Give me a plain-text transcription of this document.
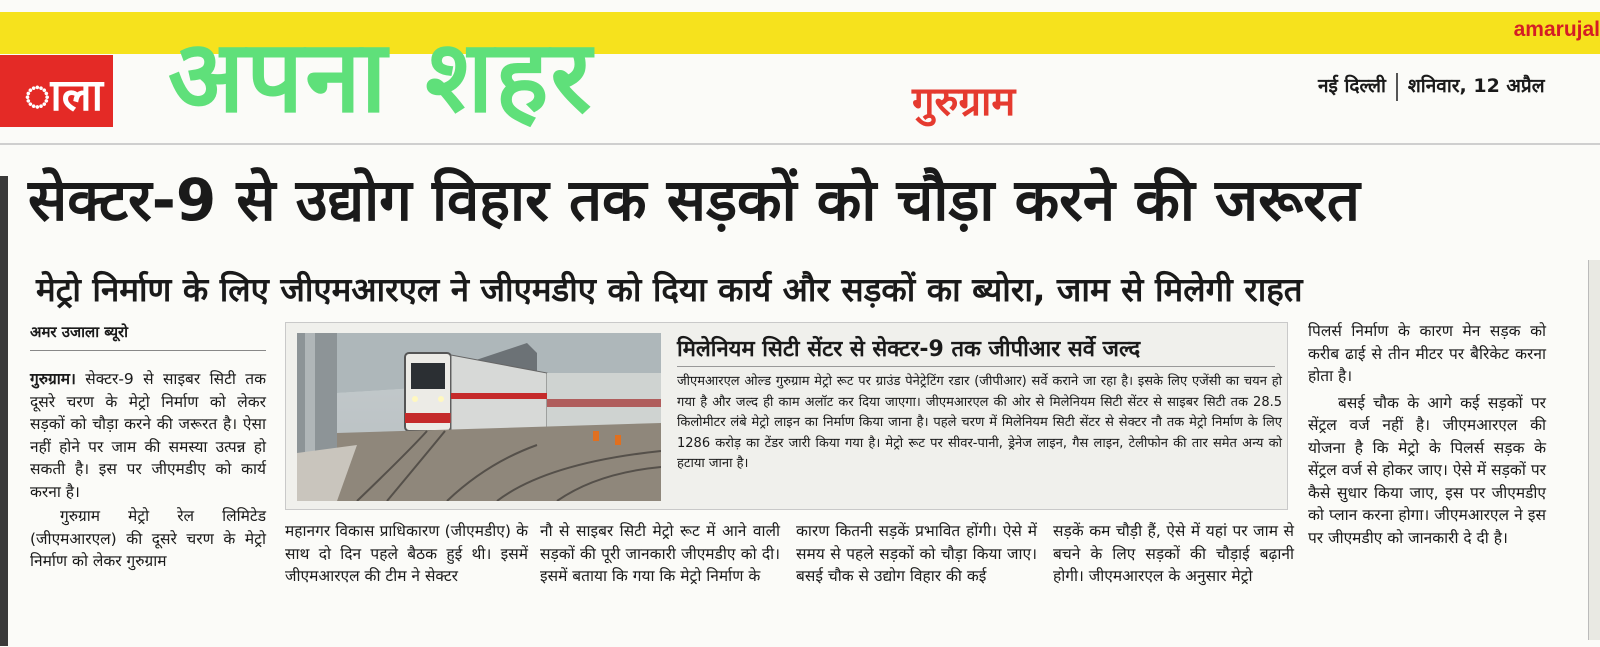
amarujal
ाला अपना शहर	गुरुग्राम	नई दिल्ली शनिवार, 12 अप्रैल
सेक्टर-9 से उद्योग विहार तक सड़कों को चौड़ा करने की जरूरत
मेट्रो निर्माण के लिए जीएमआरएल ने जीएमडीए को दिया कार्य और सड़कों का ब्योरा, जाम से मिलेगी राहत
अमर उजाला ब्यूरो

गुरुग्राम। सेक्टर-9 से साइबर सिटी तक दूसरे चरण के मेट्रो निर्माण को लेकर सड़कों को चौड़ा करने की जरूरत है। ऐसा नहीं होने पर जाम की समस्या उत्पन्न हो सकती है। इस पर जीएमडीए को कार्य करना है।

गुरुग्राम मेट्रो रेल लिमिटेड (जीएमआरएल) की दूसरे चरण के मेट्रो निर्माण को लेकर गुरुग्राम

मिलेनियम सिटी सेंटर से सेक्टर-9 तक जीपीआर सर्वे जल्द
जीएमआरएल ओल्ड गुरुग्राम मेट्रो रूट पर ग्राउंड पेनेट्रेटिंग रडार (जीपीआर) सर्वे कराने जा रहा है। इसके लिए एजेंसी का चयन हो गया है और जल्द ही काम अलॉट कर दिया जाएगा। जीएमआरएल की ओर से मिलेनियम सिटी सेंटर से साइबर सिटी तक 28.5 किलोमीटर लंबे मेट्रो लाइन का निर्माण किया जाना है। पहले चरण में मिलेनियम सिटी सेंटर से सेक्टर नौ तक मेट्रो निर्माण के लिए 1286 करोड़ का टेंडर जारी किया गया है। मेट्रो रूट पर सीवर-पानी, ड्रेनेज लाइन, गैस लाइन, टेलीफोन की तार समेत अन्य को हटाया जाना है।
महानगर विकास प्राधिकारण (जीएमडीए) के साथ दो दिन पहले बैठक हुई थी। इसमें जीएमआरएल की टीम ने सेक्टर
नौ से साइबर सिटी मेट्रो रूट में आने वाली सड़कों की पूरी जानकारी जीएमडीए को दी। इसमें बताया कि गया कि मेट्रो निर्माण के
कारण कितनी सड़कें प्रभावित होंगी। ऐसे में समय से पहले सड़कों को चौड़ा किया जाए। बसई चौक से उद्योग विहार की कई
सड़कें कम चौड़ी हैं, ऐसे में यहां पर जाम से बचने के लिए सड़कों की चौड़ाई बढ़ानी होगी। जीएमआरएल के अनुसार मेट्रो

पिलर्स निर्माण के कारण मेन सड़क को करीब ढाई से तीन मीटर पर बैरिकेट करना होता है।

बसई चौक के आगे कई सड़कों पर सेंट्रल वर्ज नहीं है। जीएमआरएल की योजना है कि मेट्रो के पिलर्स सड़क के सेंट्रल वर्ज से होकर जाए। ऐसे में सड़कों पर कैसे सुधार किया जाए, इस पर जीएमडीए को प्लान करना होगा। जीएमआरएल ने इस पर जीएमडीए को जानकारी दे दी है।
